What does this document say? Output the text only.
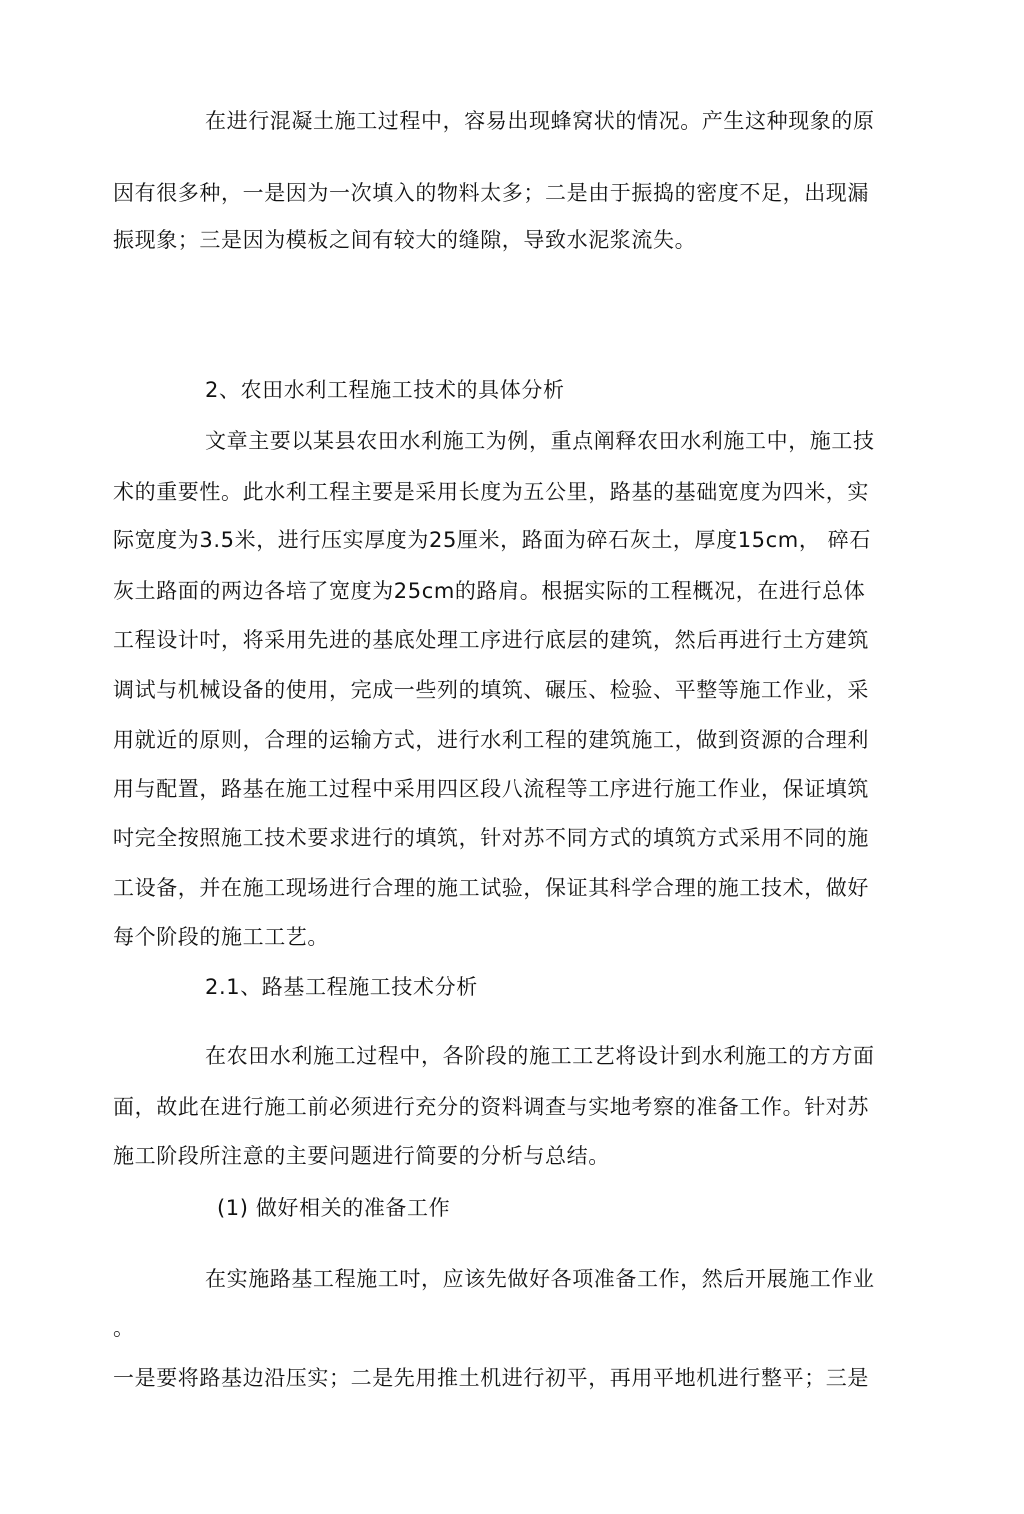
在进行混凝土施工过程中，容易出现蜂窝状的情况。产生这种现象的原

因有很多种，一是因为一次填入的物料太多；二是由于振捣的密度不足，出现漏

振现象；三是因为模板之间有较大的缝隙，导致水泥浆流失。

2、农田水利工程施工技术的具体分析

文章主要以某县农田水利施工为例，重点阐释农田水利施工中，施工技

术的重要性。此水利工程主要是采用长度为五公里，路基的基础宽度为四米，实

际宽度为3.5米，进行压实厚度为25厘米，路面为碎石灰土，厚度15cm， 碎石

灰土路面的两边各培了宽度为25cm的路肩。根据实际的工程概况，在进行总体

工程设计吋，将采用先进的基底处理工序进行底层的建筑，然后再进行土方建筑

调试与机械设备的使用，完成一些列的填筑、碾压、检验、平整等施工作业，采

用就近的原则，合理的运输方式，进行水利工程的建筑施工，做到资源的合理利

用与配置，路基在施工过程中采用四区段八流程等工序进行施工作业，保证填筑

吋完全按照施工技术要求进行的填筑，针对苏不同方式的填筑方式采用不同的施

工设备，并在施工现场进行合理的施工试验，保证其科学合理的施工技术，做好

每个阶段的施工工艺。

2.1、路基工程施工技术分析

在农田水利施工过程中，各阶段的施工工艺将设计到水利施工的方方面

面，故此在进行施工前必须进行充分的资料调查与实地考察的准备工作。针对苏

施工阶段所注意的主要问题进行简要的分析与总结。

(1) 做好相关的准备工作

在实施路基工程施工吋，应该先做好各项准备工作，然后开展施工作业

。

一是要将路基边沿压实；二是先用推土机进行初平，再用平地机进行整平；三是
